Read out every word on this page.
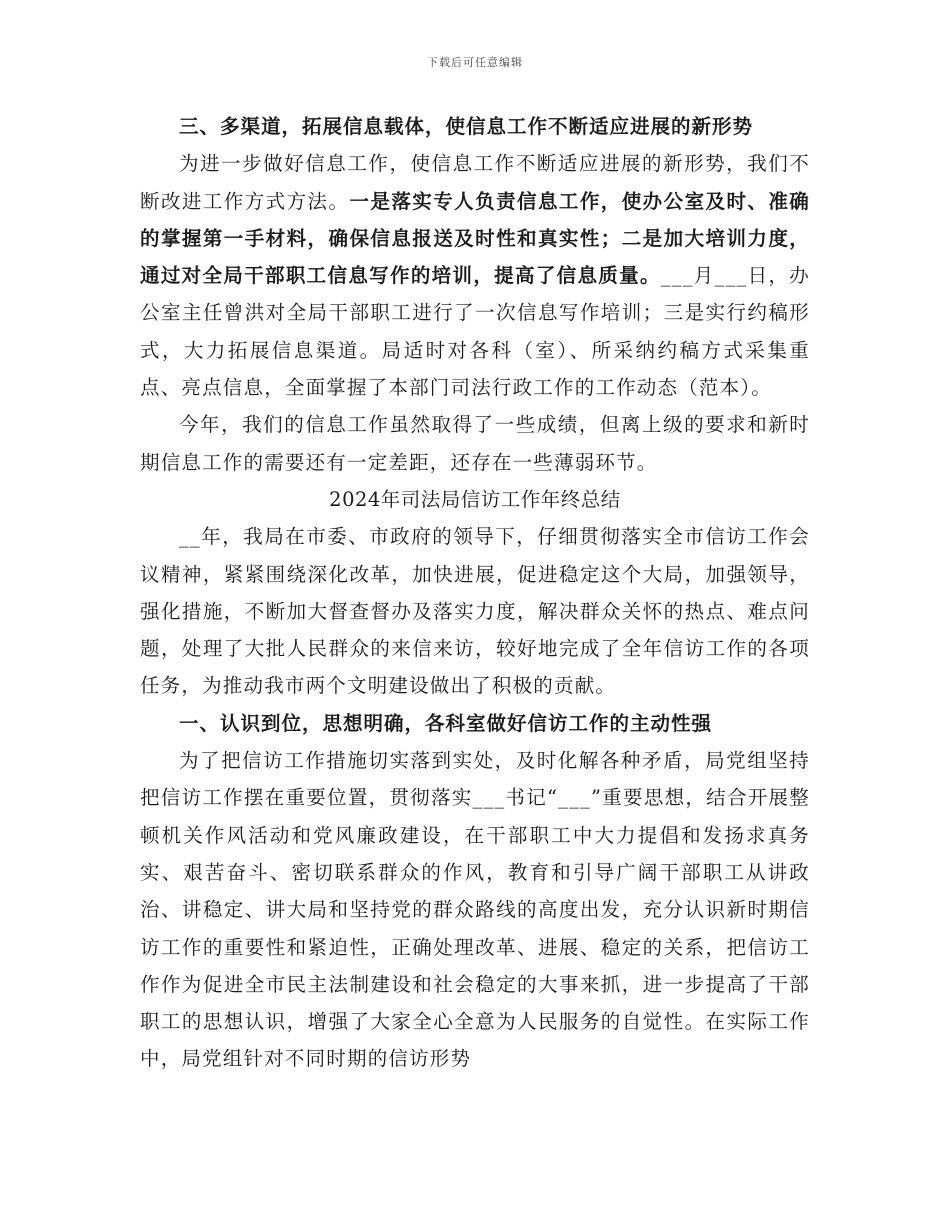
下载后可任意编辑

三、多渠道，拓展信息载体，使信息工作不断适应进展的新形势

为进一步做好信息工作，使信息工作不断适应进展的新形势，我们不断改进工作方式方法。一是落实专人负责信息工作，使办公室及时、准确的掌握第一手材料，确保信息报送及时性和真实性；二是加大培训力度，通过对全局干部职工信息写作的培训，提高了信息质量。___月___日，办公室主任曾洪对全局干部职工进行了一次信息写作培训；三是实行约稿形式，大力拓展信息渠道。局适时对各科（室）、所采纳约稿方式采集重点、亮点信息，全面掌握了本部门司法行政工作的工作动态（范本）。

今年，我们的信息工作虽然取得了一些成绩，但离上级的要求和新时期信息工作的需要还有一定差距，还存在一些薄弱环节。

2024年司法局信访工作年终总结

__年，我局在市委、市政府的领导下，仔细贯彻落实全市信访工作会议精神，紧紧围绕深化改革，加快进展，促进稳定这个大局，加强领导，强化措施，不断加大督查督办及落实力度，解决群众关怀的热点、难点问题，处理了大批人民群众的来信来访，较好地完成了全年信访工作的各项任务，为推动我市两个文明建设做出了积极的贡献。

一、认识到位，思想明确，各科室做好信访工作的主动性强

为了把信访工作措施切实落到实处，及时化解各种矛盾，局党组坚持把信访工作摆在重要位置，贯彻落实___书记“___”重要思想，结合开展整顿机关作风活动和党风廉政建设，在干部职工中大力提倡和发扬求真务实、艰苦奋斗、密切联系群众的作风，教育和引导广阔干部职工从讲政治、讲稳定、讲大局和坚持党的群众路线的高度出发，充分认识新时期信访工作的重要性和紧迫性，正确处理改革、进展、稳定的关系，把信访工作作为促进全市民主法制建设和社会稳定的大事来抓，进一步提高了干部职工的思想认识，增强了大家全心全意为人民服务的自觉性。在实际工作中，局党组针对不同时期的信访形势
